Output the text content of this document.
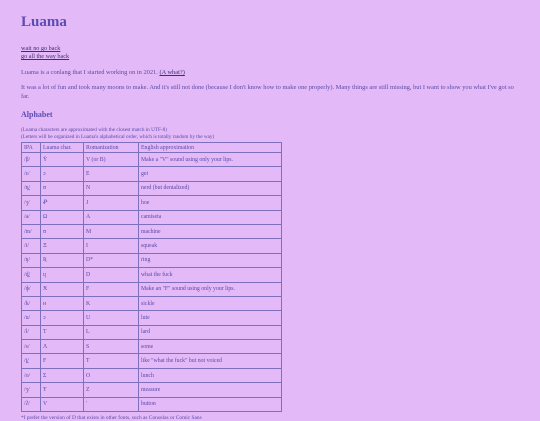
Luama
wait no go back
go all the way back

Luama is a conlang that I started working on in 2021. (A what?)

It was a lot of fun and took many moons to make. And it's still not done (because I don't know how to make one properly). Many things are still missing, but I want to show you what I've got so far.

Alphabet
(Luama characters are approximated with the closest match in UTF-8)
(Letters will be organized in Luama's alphabetical order, which is totally random by the way)
IPA	Luama char.	Romanization	English approximation
/β/	Ϋ	V (or B)	Make a "V" sound using only your lips.
/ɛ/	ɔ	E	get
/n̪/	ʊ	N	nerd (but dentalized)
/ʒ/	Ꝓ	J	hoe
/a/	Ω	A	camiseta
/m/	ʊ	M	machine
/i/	Ξ	I	squeak
/ŋ/	Ʀ	D*	ring
/d̪/	ɥ	D	what the fuck
/ɸ/	Ӿ	F	Make an "F" sound using only your lips.
/k/	ʜ	K	sickle
/u/	ↄ	U	lute
/l/	T	L	lard
/s/	Λ	S	some
/t̪/	F	T	like "what the fuck" but not voiced
/o/	Σ	O	lunch
/ʒ/	Ŧ	Z	measure
/ʔ/	V	'	button
*I prefer the version of D that exists in other fonts, such as Consolas or Comic Sans
